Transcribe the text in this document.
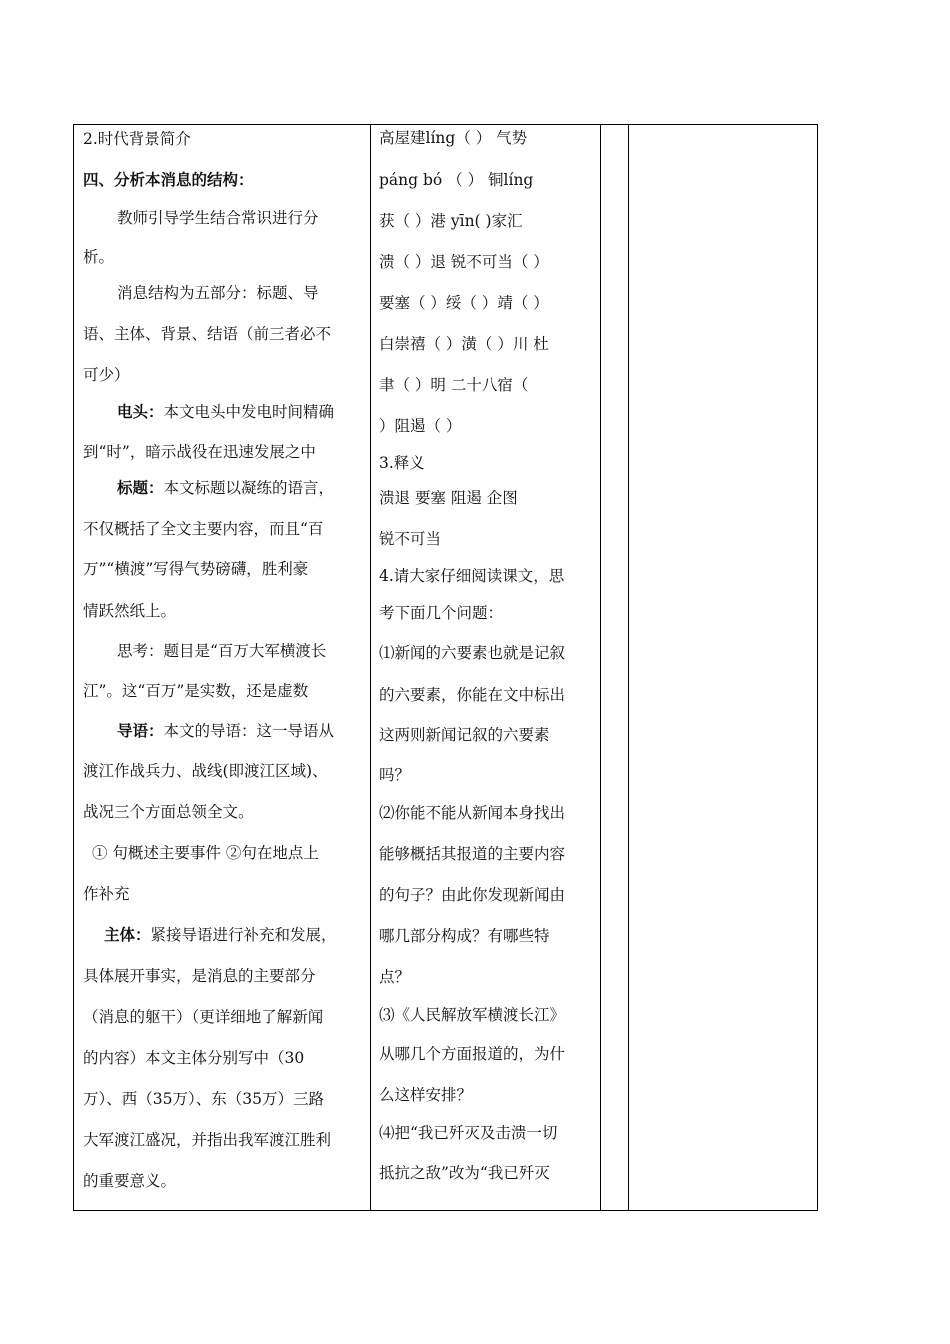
2.时代背景简介
四、分析本消息的结构：
教师引导学生结合常识进行分
析。
消息结构为五部分：标题、导
语、主体、背景、结语（前三者必不
可少）
电头：本文电头中发电时间精确
到“时”，暗示战役在迅速发展之中
标题：本文标题以凝练的语言，
不仅概括了全文主要内容，而且“百
万”“横渡”写得气势磅礴，胜利豪
情跃然纸上。
思考：题目是“百万大军横渡长
江”。这“百万”是实数，还是虚数
导语：本文的导语：这一导语从
渡江作战兵力、战线(即渡江区域)、
战况三个方面总领全文。
① 句概述主要事件 ②句在地点上
作补充
主体：紧接导语进行补充和发展，
具体展开事实，是消息的主要部分
（消息的躯干）（更详细地了解新闻
的内容）本文主体分别写中（30
万）、西（35万）、东（35万）三路
大军渡江盛况，并指出我军渡江胜利
的重要意义。
高屋建líng（ ） 气势
páng bó （ ） 铜líng
获（ ）港 yīn( )家汇
溃（ ）退 锐不可当（ ）
要塞（ ）绥（ ）靖（ ）
白崇禧（ ）潢（ ）川 杜
聿（ ）明 二十八宿（
）阻遏（ ）
3.释义
溃退 要塞 阻遏 企图
锐不可当
4.请大家仔细阅读课文，思
考下面几个问题：
⑴新闻的六要素也就是记叙
的六要素，你能在文中标出
这两则新闻记叙的六要素
吗？
⑵你能不能从新闻本身找出
能够概括其报道的主要内容
的句子？由此你发现新闻由
哪几部分构成？有哪些特
点？
⑶《人民解放军横渡长江》
从哪几个方面报道的，为什
么这样安排？
⑷把“我已歼灭及击溃一切
抵抗之敌”改为“我已歼灭
